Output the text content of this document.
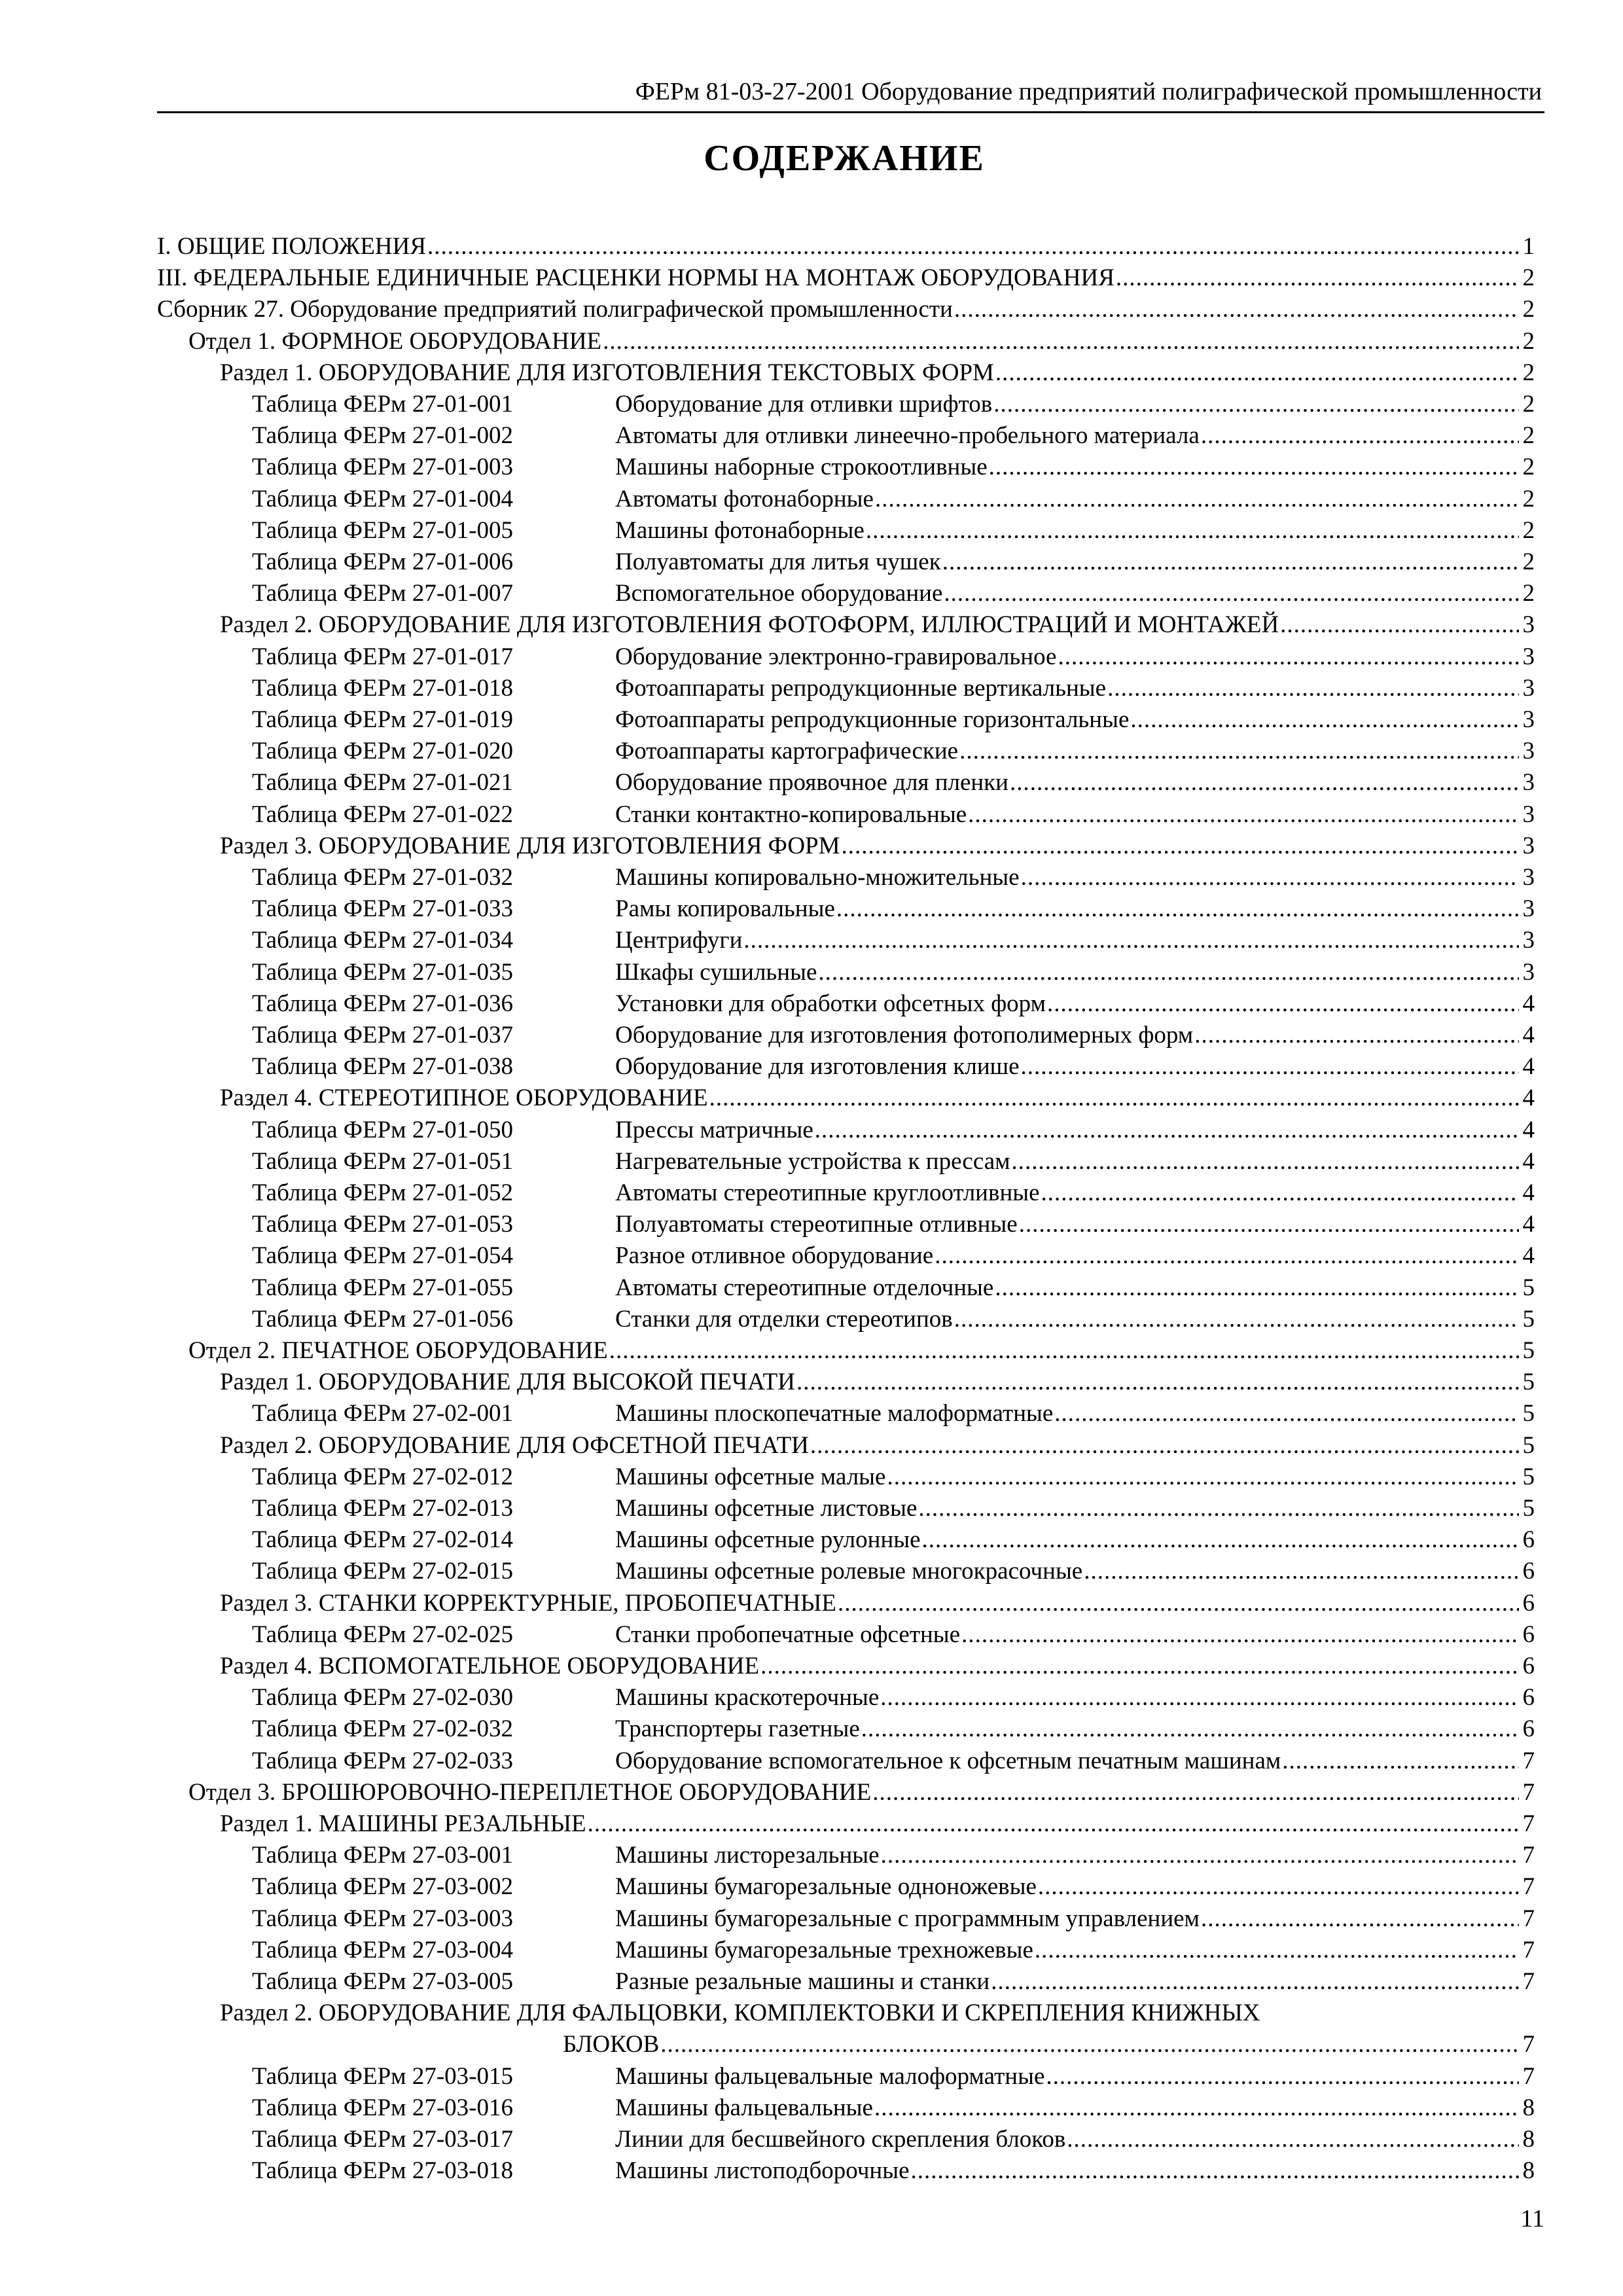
ФЕРм 81-03-27-2001 Оборудование предприятий полиграфической промышленности
СОДЕРЖАНИЕ
I. ОБЩИЕ ПОЛОЖЕНИЯ .....	1
III. ФЕДЕРАЛЬНЫЕ ЕДИНИЧНЫЕ РАСЦЕНКИ НОРМЫ НА МОНТАЖ ОБОРУДОВАНИЯ .....	2
Сборник 27. Оборудование предприятий полиграфической промышленности .....	2
Отдел 1. ФОРМНОЕ ОБОРУДОВАНИЕ .....	2
Раздел 1. ОБОРУДОВАНИЕ ДЛЯ ИЗГОТОВЛЕНИЯ ТЕКСТОВЫХ ФОРМ .....	2
Таблица ФЕРм 27-01-001	Оборудование для отливки шрифтов .....	2
Таблица ФЕРм 27-01-002	Автоматы для отливки линеечно-пробельного материала .....	2
Таблица ФЕРм 27-01-003	Машины наборные строкоотливные .....	2
Таблица ФЕРм 27-01-004	Автоматы фотонаборные .....	2
Таблица ФЕРм 27-01-005	Машины фотонаборные .....	2
Таблица ФЕРм 27-01-006	Полуавтоматы для литья чушек .....	2
Таблица ФЕРм 27-01-007	Вспомогательное оборудование .....	2
Раздел 2. ОБОРУДОВАНИЕ ДЛЯ ИЗГОТОВЛЕНИЯ ФОТОФОРМ, ИЛЛЮСТРАЦИЙ И МОНТАЖЕЙ .....	3
Таблица ФЕРм 27-01-017	Оборудование электронно-гравировальное .....	3
Таблица ФЕРм 27-01-018	Фотоаппараты репродукционные вертикальные .....	3
Таблица ФЕРм 27-01-019	Фотоаппараты репродукционные горизонтальные .....	3
Таблица ФЕРм 27-01-020	Фотоаппараты картографические .....	3
Таблица ФЕРм 27-01-021	Оборудование проявочное для пленки .....	3
Таблица ФЕРм 27-01-022	Станки контактно-копировальные .....	3
Раздел 3. ОБОРУДОВАНИЕ ДЛЯ ИЗГОТОВЛЕНИЯ ФОРМ .....	3
Таблица ФЕРм 27-01-032	Машины копировально-множительные .....	3
Таблица ФЕРм 27-01-033	Рамы копировальные .....	3
Таблица ФЕРм 27-01-034	Центрифуги .....	3
Таблица ФЕРм 27-01-035	Шкафы сушильные .....	3
Таблица ФЕРм 27-01-036	Установки для обработки офсетных форм .....	4
Таблица ФЕРм 27-01-037	Оборудование для изготовления фотополимерных форм .....	4
Таблица ФЕРм 27-01-038	Оборудование для изготовления клише .....	4
Раздел 4. СТЕРЕОТИПНОЕ ОБОРУДОВАНИЕ .....	4
Таблица ФЕРм 27-01-050	Прессы матричные .....	4
Таблица ФЕРм 27-01-051	Нагревательные устройства к прессам .....	4
Таблица ФЕРм 27-01-052	Автоматы стереотипные круглоотливные .....	4
Таблица ФЕРм 27-01-053	Полуавтоматы стереотипные отливные .....	4
Таблица ФЕРм 27-01-054	Разное отливное оборудование .....	4
Таблица ФЕРм 27-01-055	Автоматы стереотипные отделочные .....	5
Таблица ФЕРм 27-01-056	Станки для отделки стереотипов .....	5
Отдел 2. ПЕЧАТНОЕ ОБОРУДОВАНИЕ .....	5
Раздел 1. ОБОРУДОВАНИЕ ДЛЯ ВЫСОКОЙ ПЕЧАТИ .....	5
Таблица ФЕРм 27-02-001	Машины плоскопечатные малоформатные .....	5
Раздел 2. ОБОРУДОВАНИЕ ДЛЯ ОФСЕТНОЙ ПЕЧАТИ .....	5
Таблица ФЕРм 27-02-012	Машины офсетные малые .....	5
Таблица ФЕРм 27-02-013	Машины офсетные листовые .....	5
Таблица ФЕРм 27-02-014	Машины офсетные рулонные .....	6
Таблица ФЕРм 27-02-015	Машины офсетные ролевые многокрасочные .....	6
Раздел 3. СТАНКИ КОРРЕКТУРНЫЕ, ПРОБОПЕЧАТНЫЕ .....	6
Таблица ФЕРм 27-02-025	Станки пробопечатные офсетные .....	6
Раздел 4. ВСПОМОГАТЕЛЬНОЕ ОБОРУДОВАНИЕ .....	6
Таблица ФЕРм 27-02-030	Машины краскотерочные .....	6
Таблица ФЕРм 27-02-032	Транспортеры газетные .....	6
Таблица ФЕРм 27-02-033	Оборудование вспомогательное к офсетным печатным машинам .....	7
Отдел 3. БРОШЮРОВОЧНО-ПЕРЕПЛЕТНОЕ ОБОРУДОВАНИЕ .....	7
Раздел 1. МАШИНЫ РЕЗАЛЬНЫЕ .....	7
Таблица ФЕРм 27-03-001	Машины листорезальные .....	7
Таблица ФЕРм 27-03-002	Машины бумагорезальные одноножевые .....	7
Таблица ФЕРм 27-03-003	Машины бумагорезальные с программным управлением .....	7
Таблица ФЕРм 27-03-004	Машины бумагорезальные трехножевые .....	7
Таблица ФЕРм 27-03-005	Разные резальные машины и станки .....	7
Раздел 2. ОБОРУДОВАНИЕ ДЛЯ ФАЛЬЦОВКИ, КОМПЛЕКТОВКИ И СКРЕПЛЕНИЯ КНИЖНЫХ
БЛОКОВ .....	7
Таблица ФЕРм 27-03-015	Машины фальцевальные малоформатные .....	7
Таблица ФЕРм 27-03-016	Машины фальцевальные .....	8
Таблица ФЕРм 27-03-017	Линии для бесшвейного скрепления блоков .....	8
Таблица ФЕРм 27-03-018	Машины листоподборочные .....	8
11
